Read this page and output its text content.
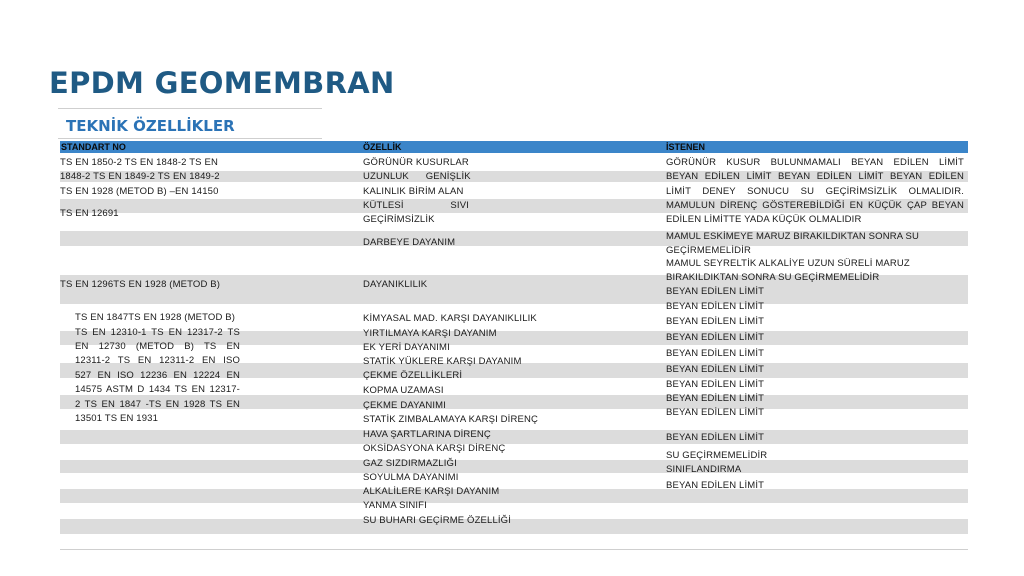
EPDM GEOMEMBRAN
TEKNİK ÖZELLİKLER
STANDART NO	ÖZELLİK	İSTENEN
TS EN 1850-2 TS EN 1848-2 TS EN
1848-2 TS EN 1849-2 TS EN 1849-2
TS EN 1928 (METOD B) –EN 14150
TS EN 12691
TS EN 1296TS EN 1928 (METOD B)
TS EN 1847TS EN 1928 (METOD B)
TS EN 12310-1 TS EN 12317-2 TS
EN 12730 (METOD B) TS EN
12311-2 TS EN 12311-2 EN ISO
527 EN ISO 12236 EN 12224 EN
14575 ASTM D 1434 TS EN 12317-
2 TS EN 1847 -TS EN 1928 TS EN
13501 TS EN 1931
GÖRÜNÜR KUSURLAR
UZUNLUK GENİŞLİK
KALINLIK BİRİM ALAN
KÜTLESİ SIVI
GEÇİRİMSİZLİK
DARBEYE DAYANIM
DAYANIKLILIK
KİMYASAL MAD. KARŞI DAYANIKLILIK
YIRTILMAYA KARŞI DAYANIM
EK YERİ DAYANIMI
STATİK YÜKLERE KARŞI DAYANIM
ÇEKME ÖZELLİKLERİ
KOPMA UZAMASI
ÇEKME DAYANIMI
STATİK ZIMBALAMAYA KARŞI DİRENÇ
HAVA ŞARTLARINA DİRENÇ
OKSİDASYONA KARŞI DİRENÇ
GAZ SIZDIRMAZLIĞI
SOYULMA DAYANIMI
ALKALİLERE KARŞI DAYANIM
YANMA SINIFI
SU BUHARI GEÇİRME ÖZELLİĞİ
GÖRÜNÜR KUSUR BULUNMAMALI BEYAN EDİLEN LİMİT
BEYAN EDİLEN LİMİT BEYAN EDİLEN LİMİT BEYAN EDİLEN
LİMİT DENEY SONUCU SU GEÇİRİMSİZLİK OLMALIDIR.
MAMULUN DİRENÇ GÖSTEREBİLDİĞİ EN KÜÇÜK ÇAP BEYAN
EDİLEN LİMİTTE YADA KÜÇÜK OLMALIDIR
MAMUL ESKİMEYE MARUZ BIRAKILDIKTAN SONRA SU
GEÇİRMEMELİDİR
MAMUL SEYRELTİK ALKALİYE UZUN SÜRELİ MARUZ
BIRAKILDIKTAN SONRA SU GEÇİRMEMELİDİR
BEYAN EDİLEN LİMİT
BEYAN EDİLEN LİMİT
BEYAN EDİLEN LİMİT
BEYAN EDİLEN LİMİT
BEYAN EDİLEN LİMİT
BEYAN EDİLEN LİMİT
BEYAN EDİLEN LİMİT
BEYAN EDİLEN LİMİT
BEYAN EDİLEN LİMİT
BEYAN EDİLEN LİMİT
SU GEÇİRMEMELİDİR
SINIFLANDIRMA
BEYAN EDİLEN LİMİT
